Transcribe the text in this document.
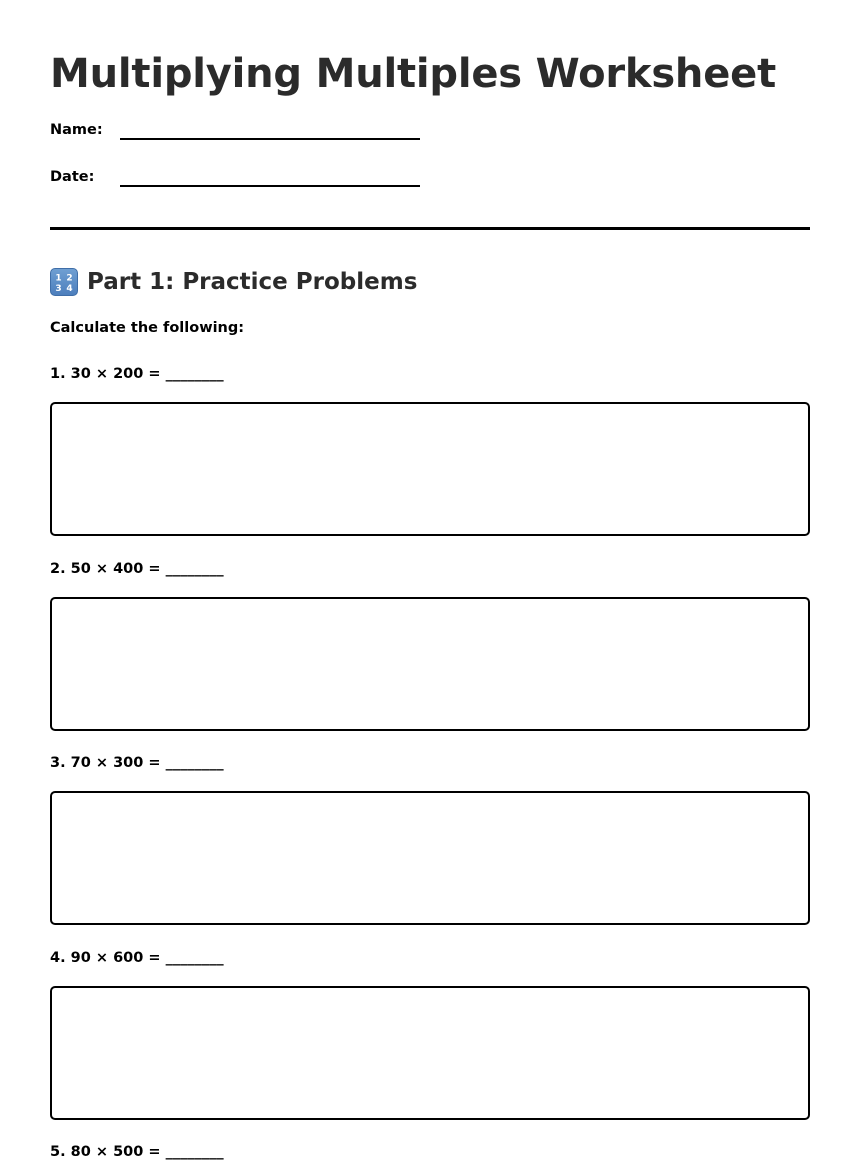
Multiplying Multiples Worksheet
Name:
Date:
1 2
3 4 Part 1: Practice Problems
Calculate the following:
1. 30 × 200 = ________
2. 50 × 400 = ________
3. 70 × 300 = ________
4. 90 × 600 = ________
5. 80 × 500 = ________
